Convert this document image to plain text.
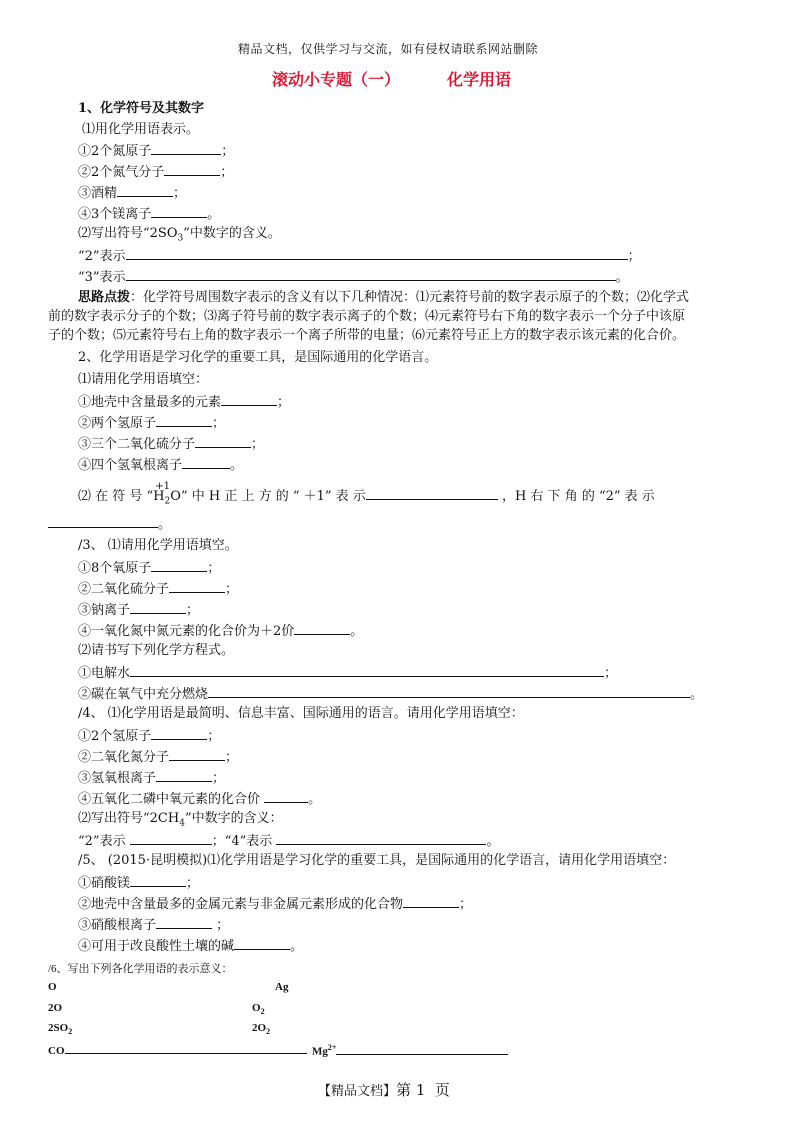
精品文档，仅供学习与交流，如有侵权请联系网站删除
滚动小专题（一）	化学用语
1、化学符号及其数字
⑴用化学用语表示。
①2个氮原子	；
②2个氮气分子	；
③酒精	；
④3个镁离子	。
⑵写出符号“$2SO_3$”中数字的含义。
“2”表示	；
“3”表示	。
思路点拨：化学符号周围数字表示的含义有以下几种情况：⑴元素符号前的数字表示原子的个数；⑵化学式
前的数字表示分子的个数；⑶离子符号前的数字表示离子的个数；⑷元素符号右下角的数字表示一个分子中该原
子的个数；⑸元素符号右上角的数字表示一个离子所带的电量；⑹元素符号正上方的数字表示该元素的化合价。
2、化学用语是学习化学的重要工具，是国际通用的化学语言。
⑴请用化学用语填空：
①地壳中含量最多的元素	；
②两个氢原子	；
③三个二氧化硫分子	；
④四个氢氧根离子	。
⑵ 在 符 号 “
+1
$H_2O$” 中 H 正 上 方 的 “ ＋1” 表 示	，H 右 下 角 的 “2” 表 示
。
/3、 ⑴请用化学用语填空。
①8个氧原子	；
②二氧化硫分子	；
③钠离子	；
④一氧化氮中氮元素的化合价为＋2价	。
⑵请书写下列化学方程式。
①电解水	；
②碳在氧气中充分燃烧	。
/4、 ⑴化学用语是最简明、信息丰富、国际通用的语言。请用化学用语填空：
①2个氢原子	；
②二氧化氮分子	；
③氢氧根离子	；
④五氧化二磷中氧元素的化合价	。
⑵写出符号“$2CH_4$”中数字的含义：
“2”表示	；“4”表示	。
/5、 (2015·昆明模拟)⑴化学用语是学习化学的重要工具，是国际通用的化学语言，请用化学用语填空：
①硝酸镁	；
②地壳中含量最多的金属元素与非金属元素形成的化合物	；
③硝酸根离子	；
④可用于改良酸性土壤的碱	。
/6、写出下列各化学用语的表示意义：
O	Ag
2O	$O_2$
$2SO_2$	$2O_2$
CO	$Mg^{2+}$
【精品文档】第 1 页
